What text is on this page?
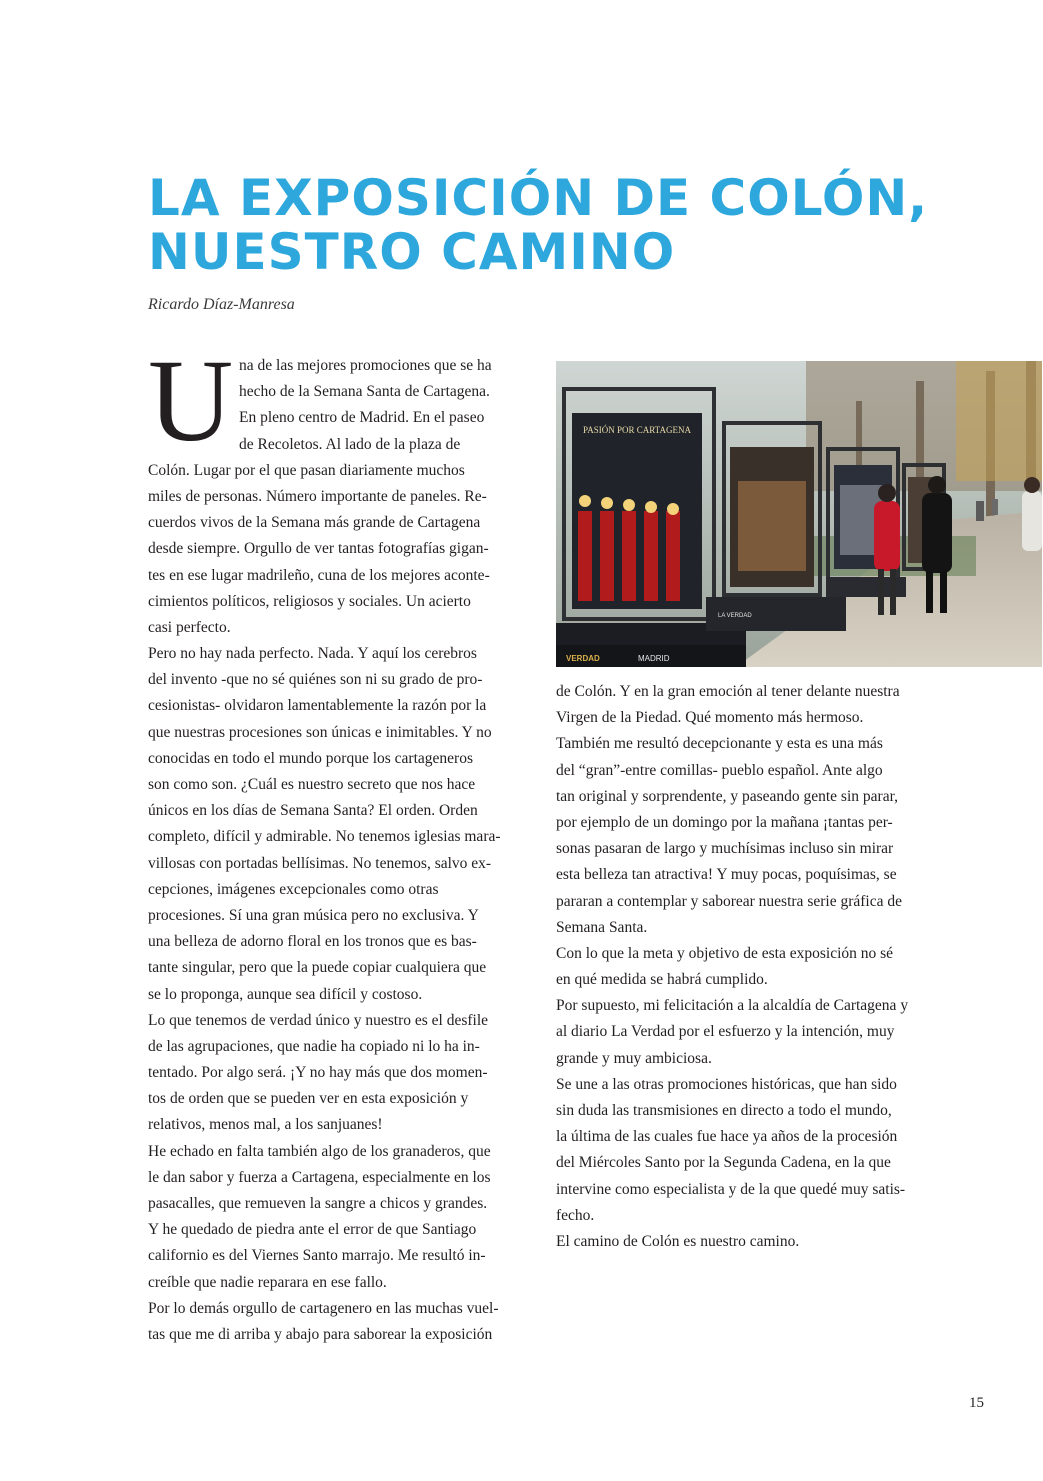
LA EXPOSICIÓN DE COLÓN,
NUESTRO CAMINO

Ricardo Díaz-Manresa

U na de las mejores promociones que se ha
hecho de la Semana Santa de Cartagena.
En pleno centro de Madrid. En el paseo
de Recoletos. Al lado de la plaza de
Colón. Lugar por el que pasan diariamente muchos
miles de personas. Número importante de paneles. Re-
cuerdos vivos de la Semana más grande de Cartagena
desde siempre. Orgullo de ver tantas fotografías gigan-
tes en ese lugar madrileño, cuna de los mejores aconte-
cimientos políticos, religiosos y sociales. Un acierto
casi perfecto.
Pero no hay nada perfecto. Nada. Y aquí los cerebros
del invento -que no sé quiénes son ni su grado de pro-
cesionistas- olvidaron lamentablemente la razón por la
que nuestras procesiones son únicas e inimitables. Y no
conocidas en todo el mundo porque los cartageneros
son como son. ¿Cuál es nuestro secreto que nos hace
únicos en los días de Semana Santa? El orden. Orden
completo, difícil y admirable. No tenemos iglesias mara-
villosas con portadas bellísimas. No tenemos, salvo ex-
cepciones, imágenes excepcionales como otras
procesiones. Sí una gran música pero no exclusiva. Y
una belleza de adorno floral en los tronos que es bas-
tante singular, pero que la puede copiar cualquiera que
se lo proponga, aunque sea difícil y costoso.
Lo que tenemos de verdad único y nuestro es el desfile
de las agrupaciones, que nadie ha copiado ni lo ha in-
tentado. Por algo será. ¡Y no hay más que dos momen-
tos de orden que se pueden ver en esta exposición y
relativos, menos mal, a los sanjuanes!
He echado en falta también algo de los granaderos, que
le dan sabor y fuerza a Cartagena, especialmente en los
pasacalles, que remueven la sangre a chicos y grandes.
Y he quedado de piedra ante el error de que Santiago
californio es del Viernes Santo marrajo. Me resultó in-
creíble que nadie reparara en ese fallo.
Por lo demás orgullo de cartagenero en las muchas vuel-
tas que me di arriba y abajo para saborear la exposición
PASIÓN POR CARTAGENA
VERDAD	MADRID
LA VERDAD
de Colón. Y en la gran emoción al tener delante nuestra
Virgen de la Piedad. Qué momento más hermoso.
También me resultó decepcionante y esta es una más
del “gran”-entre comillas- pueblo español. Ante algo
tan original y sorprendente, y paseando gente sin parar,
por ejemplo de un domingo por la mañana ¡tantas per-
sonas pasaran de largo y muchísimas incluso sin mirar
esta belleza tan atractiva! Y muy pocas, poquísimas, se
pararan a contemplar y saborear nuestra serie gráfica de
Semana Santa.
Con lo que la meta y objetivo de esta exposición no sé
en qué medida se habrá cumplido.
Por supuesto, mi felicitación a la alcaldía de Cartagena y
al diario La Verdad por el esfuerzo y la intención, muy
grande y muy ambiciosa.
Se une a las otras promociones históricas, que han sido
sin duda las transmisiones en directo a todo el mundo,
la última de las cuales fue hace ya años de la procesión
del Miércoles Santo por la Segunda Cadena, en la que
intervine como especialista y de la que quedé muy satis-
fecho.
El camino de Colón es nuestro camino.
15
